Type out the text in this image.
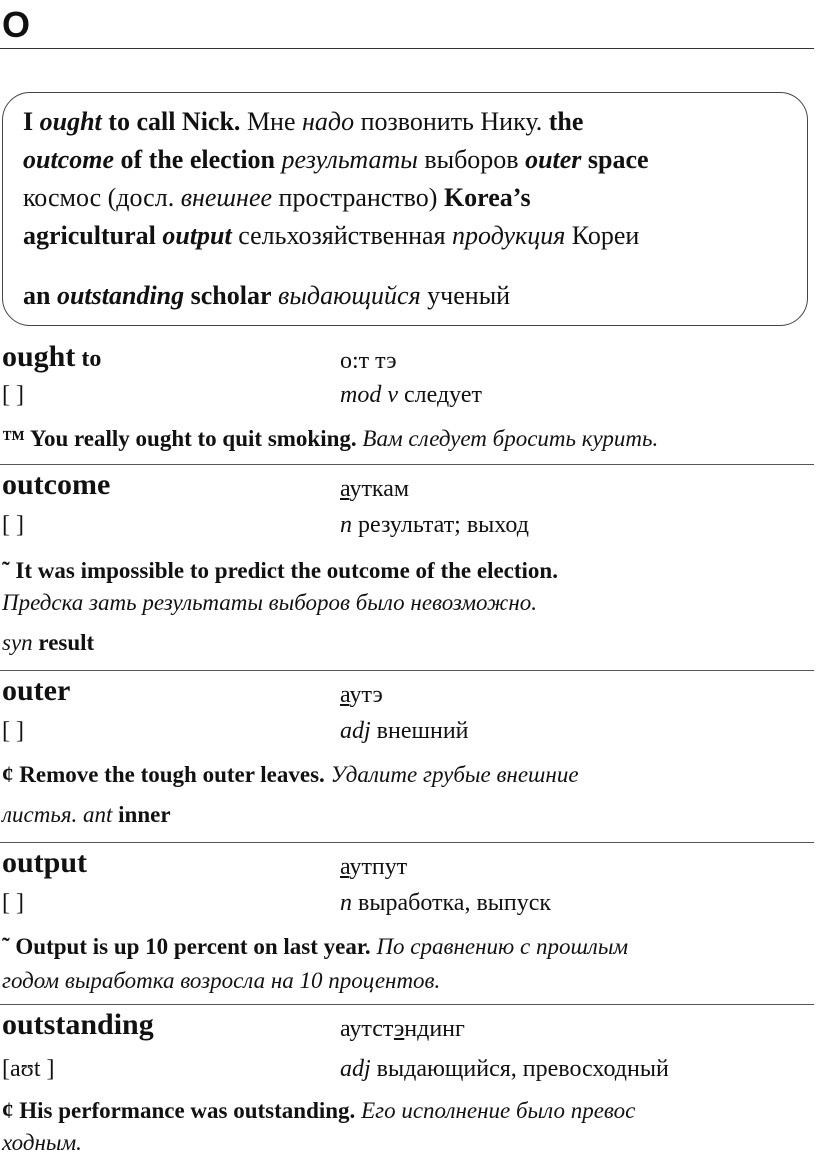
O

I ought to call Nick. Мне надо позвонить Нику. the
outcome of the election результаты выборов outer space
космос (досл. внешнее пространство) Korea’s
agricultural output сельхозяйственная продукция Кореи

an outstanding scholar выдающийся ученый

ought to	о:т тэ
[ ]	mod v следует
™ You really ought to quit smoking. Вам следует бросить курить.
outcome	ауткам
[ ]	n результат; выход
˜ It was impossible to predict the outcome of the election.
Предска зать результаты выборов было невозможно.
syn result
outer	аутэ
[ ]	adj внешний
¢ Remove the tough outer leaves. Удалите грубые внешние
листья. ant inner
output	аутпут
[ ]	n выработка, выпуск
˜ Output is up 10 percent on last year. По сравнению с прошлым
годом выработка возросла на 10 процентов.
outstanding	аутстэндинг
[aʊt ]	adj выдающийся, превосходный
¢ His performance was outstanding. Его исполнение было превос
ходным.
